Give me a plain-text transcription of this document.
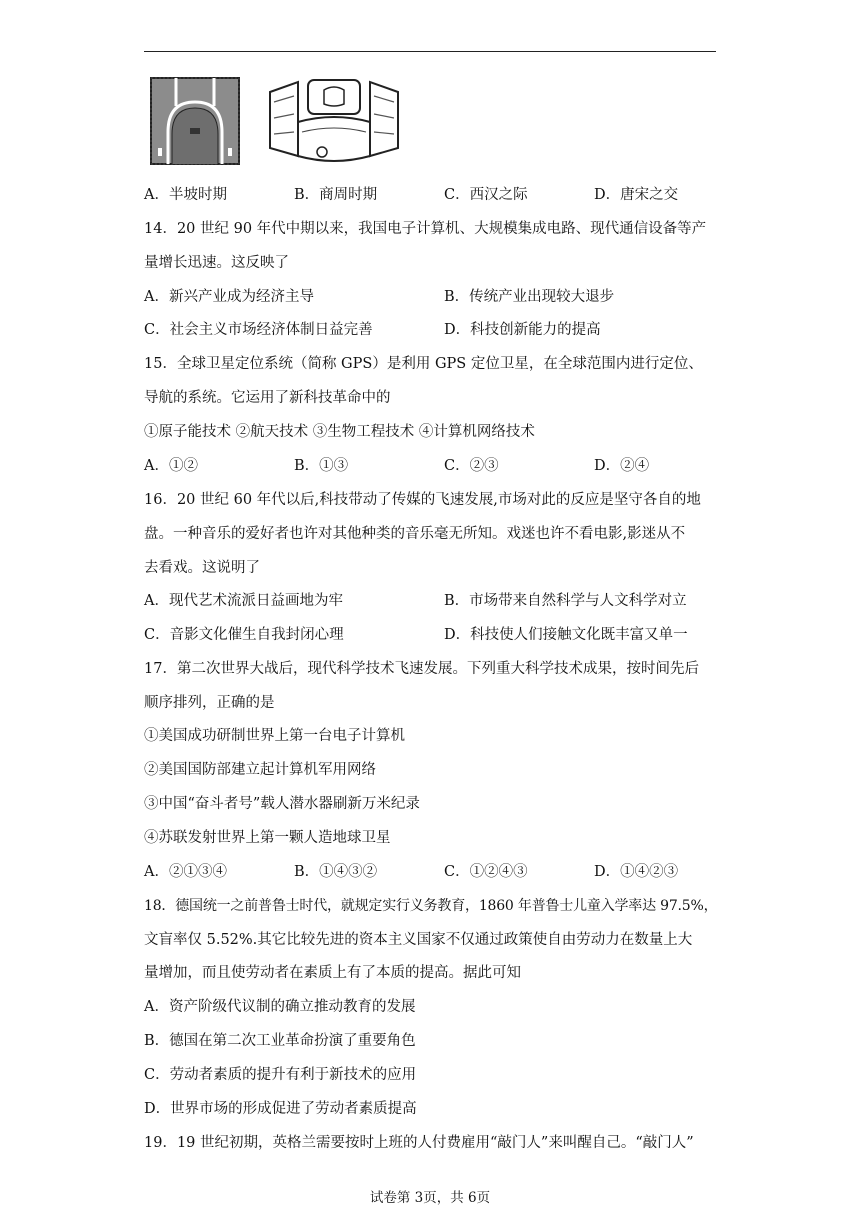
A．半坡时期	B．商周时期	C．西汉之际	D．唐宋之交
14．20 世纪 90 年代中期以来，我国电子计算机、大规模集成电路、现代通信设备等产
量增长迅速。这反映了
A．新兴产业成为经济主导	B．传统产业出现较大退步
C．社会主义市场经济体制日益完善	D．科技创新能力的提高
15．全球卫星定位系统（简称 GPS）是利用 GPS 定位卫星，在全球范围内进行定位、
导航的系统。它运用了新科技革命中的
①原子能技术 ②航天技术 ③生物工程技术 ④计算机网络技术
A．①②	B．①③	C．②③	D．②④
16．20 世纪 60 年代以后,科技带动了传媒的飞速发展,市场对此的反应是坚守各自的地
盘。一种音乐的爱好者也许对其他种类的音乐毫无所知。戏迷也许不看电影,影迷从不
去看戏。这说明了
A．现代艺术流派日益画地为牢	B．市场带来自然科学与人文科学对立
C．音影文化催生自我封闭心理	D．科技使人们接触文化既丰富又单一
17．第二次世界大战后，现代科学技术飞速发展。下列重大科学技术成果，按时间先后
顺序排列，正确的是
①美国成功研制世界上第一台电子计算机
②美国国防部建立起计算机军用网络
③中国“奋斗者号”载人潜水器刷新万米纪录
④苏联发射世界上第一颗人造地球卫星
A．②①③④	B．①④③②	C．①②④③	D．①④②③
18．德国统一之前普鲁士时代，就规定实行义务教育，1860 年普鲁士儿童入学率达 97.5%，
文盲率仅 5.52%.其它比较先进的资本主义国家不仅通过政策使自由劳动力在数量上大
量增加，而且使劳动者在素质上有了本质的提高。据此可知
A．资产阶级代议制的确立推动教育的发展
B．德国在第二次工业革命扮演了重要角色
C．劳动者素质的提升有利于新技术的应用
D．世界市场的形成促进了劳动者素质提高
19．19 世纪初期，英格兰需要按时上班的人付费雇用“敲门人”来叫醒自己。“敲门人”
试卷第 3页，共 6页
